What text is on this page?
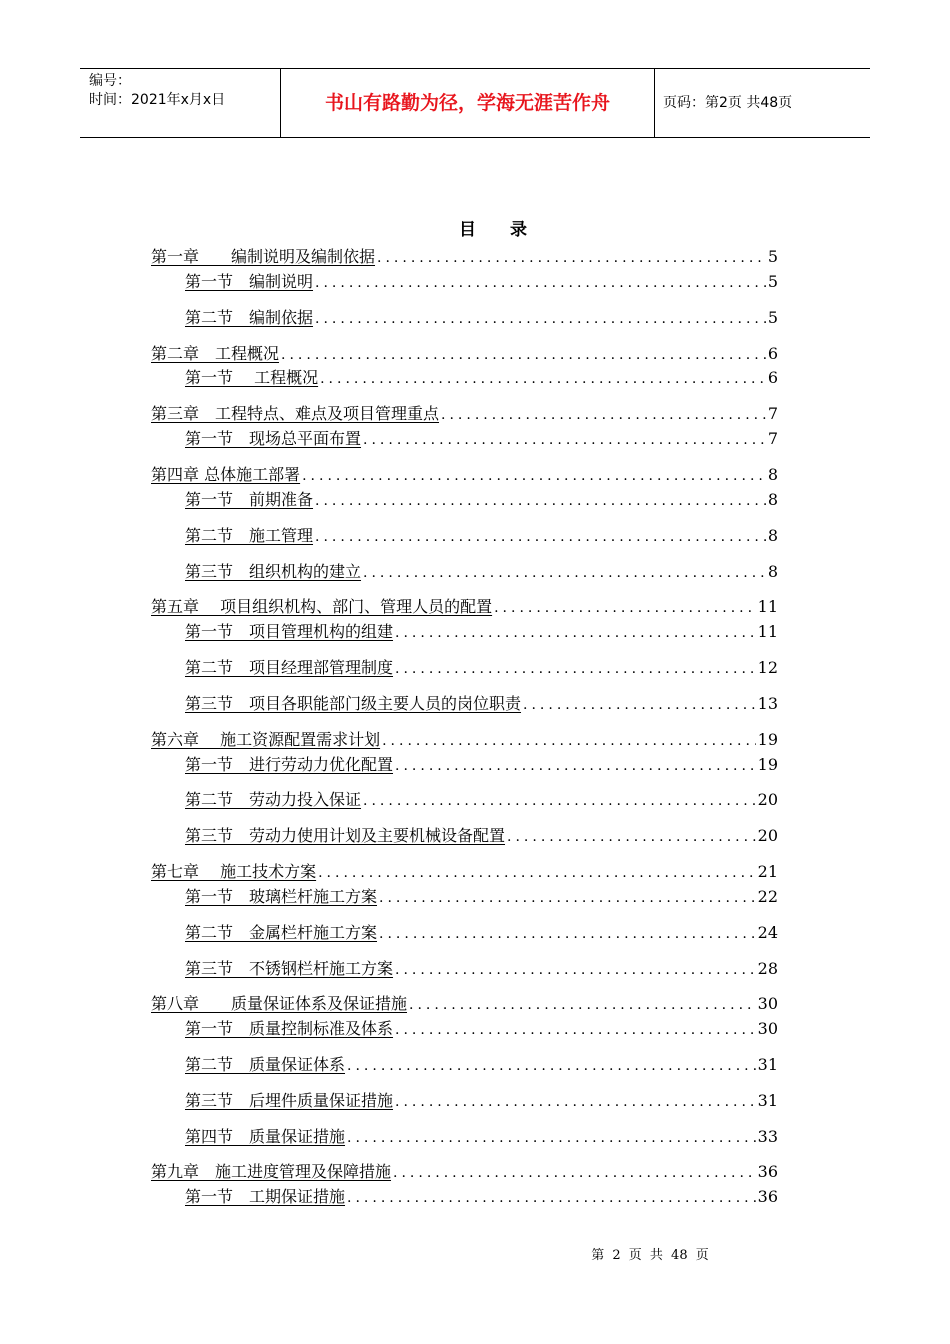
编号：
时间：2021年x月x日	书山有路勤为径，学海无涯苦作舟	页码：第2页 共48页
目 录
第一章　　编制说明及编制依据 .....	5
第一节　编制说明 .....	5
第二节　编制依据 .....	5
第二章　工程概况 .....	6
第一节　 工程概况 .....	6
第三章　工程特点、难点及项目管理重点 .....	7
第一节　现场总平面布置 .....	7
第四章 总体施工部署 .....	8
第一节　前期准备 .....	8
第二节　施工管理 .....	8
第三节　组织机构的建立 .....	8
第五章　 项目组织机构、部门、管理人员的配置 .....	11
第一节　项目管理机构的组建 .....	11
第二节　项目经理部管理制度 .....	12
第三节　项目各职能部门级主要人员的岗位职责 .....	13
第六章　 施工资源配置需求计划 .....	19
第一节　进行劳动力优化配置 .....	19
第二节　劳动力投入保证 .....	20
第三节　劳动力使用计划及主要机械设备配置 .....	20
第七章　 施工技术方案 .....	21
第一节　玻璃栏杆施工方案 .....	22
第二节　金属栏杆施工方案 .....	24
第三节　不锈钢栏杆施工方案 .....	28
第八章　　质量保证体系及保证措施 .....	30
第一节　质量控制标准及体系 .....	30
第二节　质量保证体系 .....	31
第三节　后埋件质量保证措施 .....	31
第四节　质量保证措施 .....	33
第九章　施工进度管理及保障措施 .....	36
第一节　工期保证措施 .....	36
第 2 页 共 48 页
